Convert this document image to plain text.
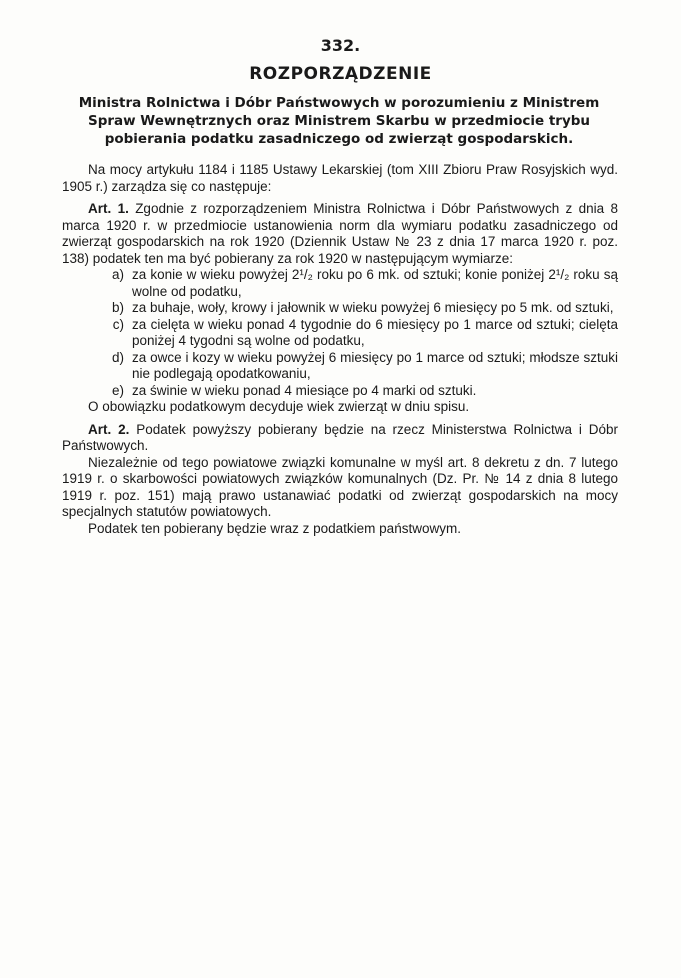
332.
ROZPORZĄDZENIE
Ministra Rolnictwa i Dóbr Państwowych w porozumieniu z Ministrem Spraw Wewnętrznych oraz Ministrem Skarbu w przedmiocie trybu pobierania podatku zasadniczego od zwierząt gospodarskich.

Na mocy artykułu 1184 i 1185 Ustawy Lekarskiej (tom XIII Zbioru Praw Rosyjskich wyd. 1905 r.) zarządza się co następuje:

Art. 1. Zgodnie z rozporządzeniem Ministra Rolnictwa i Dóbr Państwowych z dnia 8 marca 1920 r. w przedmiocie ustanowienia norm dla wymiaru podatku zasadniczego od zwierząt gospodarskich na rok 1920 (Dziennik Ustaw № 23 z dnia 17 marca 1920 r. poz. 138) podatek ten ma być pobierany za rok 1920 w następującym wymiarze:

a) za konie w wieku powyżej 2¹/₂ roku po 6 mk. od sztuki; konie poniżej 2¹/₂ roku są wolne od podatku,
b) za buhaje, woły, krowy i jałownik w wieku powyżej 6 miesięcy po 5 mk. od sztuki,
c) za cielęta w wieku ponad 4 tygodnie do 6 miesięcy po 1 marce od sztuki; cielęta poniżej 4 tygodni są wolne od podatku,
d) za owce i kozy w wieku powyżej 6 miesięcy po 1 marce od sztuki; młodsze sztuki nie podlegają opodatkowaniu,
e) za świnie w wieku ponad 4 miesiące po 4 marki od sztuki.

O obowiązku podatkowym decyduje wiek zwierząt w dniu spisu.

Art. 2. Podatek powyższy pobierany będzie na rzecz Ministerstwa Rolnictwa i Dóbr Państwowych.

Niezależnie od tego powiatowe związki komunalne w myśl art. 8 dekretu z dn. 7 lutego 1919 r. o skarbowości powiatowych związków komunalnych (Dz. Pr. № 14 z dnia 8 lutego 1919 r. poz. 151) mają prawo ustanawiać podatki od zwierząt gospodarskich na mocy specjalnych statutów powiatowych.

Podatek ten pobierany będzie wraz z podatkiem państwowym.
